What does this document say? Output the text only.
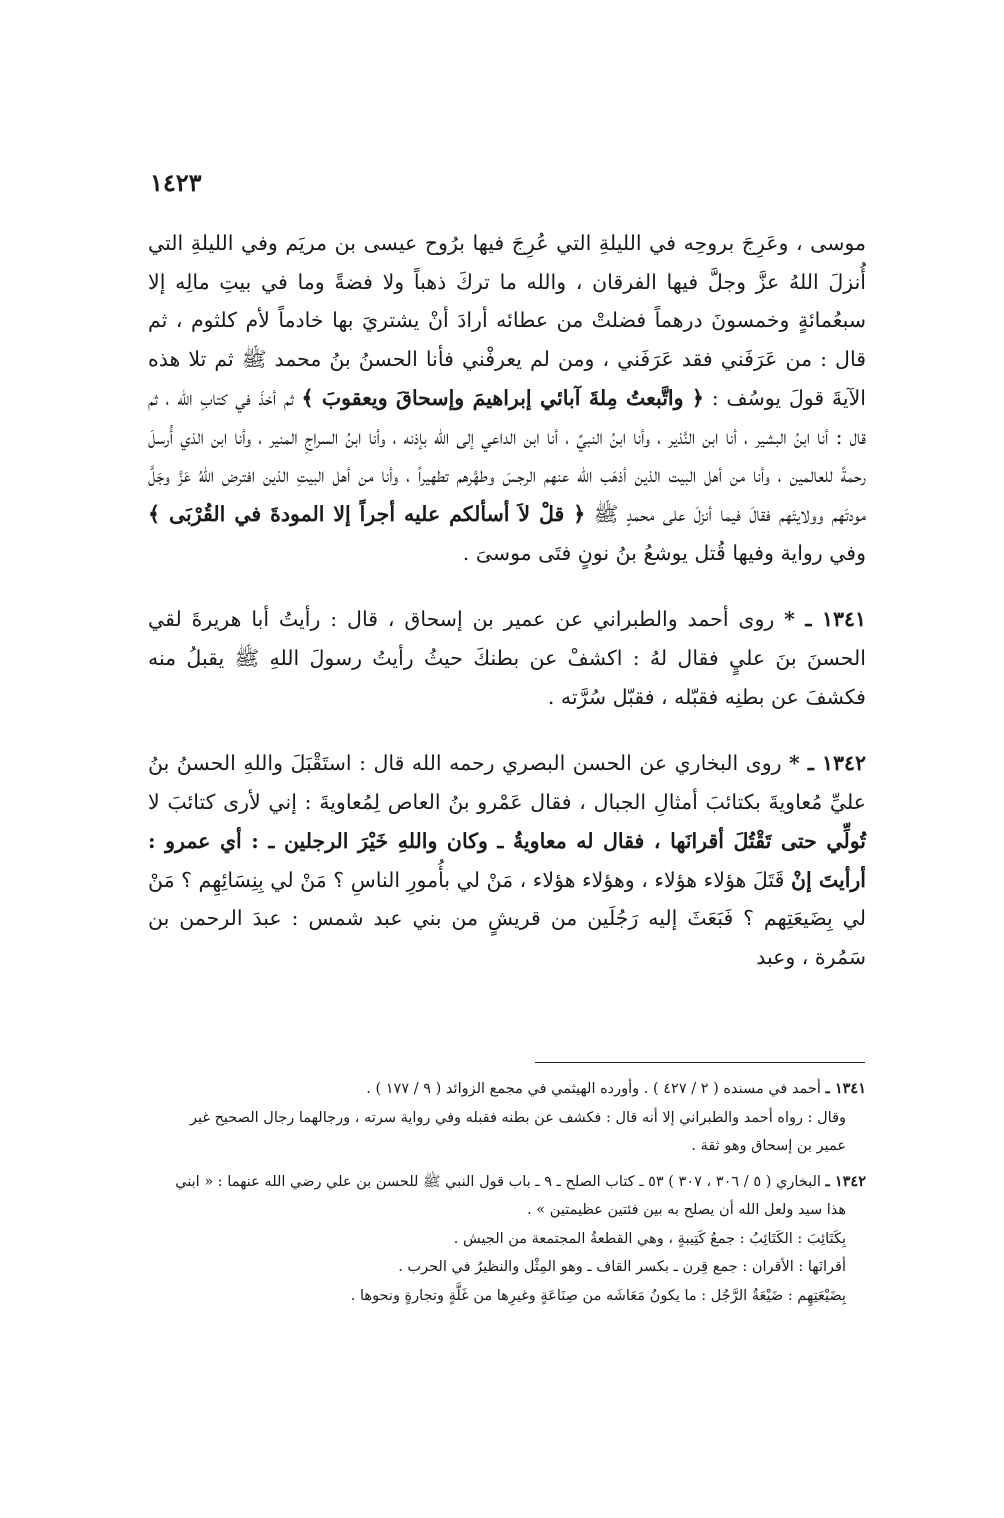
١٤٢٣

موسى ، وعَرِجَ بروحِه في الليلةِ التي عُرِجَ فيها برُوح عيسى بن مريَم وفي الليلةِ التي أُنزلَ اللهُ عزَّ وجلَّ فيها الفرقان ، والله ما تركَ ذهباً ولا فضةً وما في بيتِ مالِه إلا سبعُمائةٍ وخمسونَ درهماً فضلتْ من عطائه أرادَ أنْ يشتريَ بها خادماً لأم كلثوم ، ثم قال : من عَرَفَني فقد عَرَفَني ، ومن لم يعرفْني فأنا الحسنُ بنُ محمد ﷺ ثم تلا هذه الآيةَ قولَ يوسُف : ﴿ واتَّبعتُ مِلةَ آبائي إبراهيمَ وإسحاقَ ويعقوبَ ﴾ ثم أخذَ في كتابِ الله ، ثم قال : أنا ابنُ البشير ، أنا ابن النَّذير ، وأنا ابنُ النبيِّ ، أنا ابن الداعي إلى الله بإذنه ، وأنا ابنُ السراجِ المنير ، وأنا ابن الذي أُرسلَ رحمةً للعالمين ، وأنا من أهل البيت الذين أذهَب الله عنهم الرجسَ وطهَّرهم تطهيراً ، وأنا من أهل البيتِ الذين افترض اللهُ عَزَّ وجَلَّ مودتَهم وولايتَهم فقالَ فيما أنزلَ على محمدٍ ﷺ ﴿ قلْ لاَ أسألكم عليه أجراً إلا المودةَ في القُرْبَى ﴾ وفي رواية وفيها قُتل يوشعُ بنُ نونٍ فتَى موسىَ .

١٣٤١ ـ * روى أحمد والطبراني عن عمير بن إسحاق ، قال : رأيتُ أبا هريرةَ لقي الحسنَ بنَ عليٍ فقال لهُ : اكشفْ عن بطنكَ حيثُ رأيتُ رسولَ اللهِ ﷺ يقبلُ منه فكشفَ عن بطنِه فقبّله ، فقبّل سُرَّته .

١٣٤٢ ـ * روى البخاري عن الحسن البصري رحمه الله قال : استَقْبَلَ واللهِ الحسنُ بنُ عليِّ مُعاويةَ بكتائبَ أمثالِ الجبال ، فقال عَمْرو بنُ العاص لِمُعاويةَ : إني لأرى كتائبَ لا تُولِّي حتى تَقْتُلَ أقرانَها ، فقال له معاويةُ ـ وكان واللهِ خَيْرَ الرجلين ـ : أي عمرو : أرأيتَ إنْ قَتَلَ هؤلاء هؤلاء ، وهؤلاء هؤلاء ، مَنْ لي بأُمورِ الناسِ ؟ مَنْ لي بِنِسَائِهِم ؟ مَنْ لي بِضَيعَتِهم ؟ فَبَعَثَ إليه رَجُلَين من قريشٍ من بني عبد شمس : عبدَ الرحمن بن سَمُرة ، وعبد

١٣٤١ ـ أحمد في مسنده ( ٢ / ٤٢٧ ) . وأورده الهيثمي في مجمع الزوائد ( ٩ / ١٧٧ ) .

وقال : رواه أحمد والطبراني إلا أنه قال : فكشف عن بطنه فقبله وفي رواية سرته ، ورجالهما رجال الصحيح غير

عمير بن إسحاق وهو ثقة .

١٣٤٢ ـ البخاري ( ٥ / ٣٠٦ ، ٣٠٧ ) ٥٣ ـ كتاب الصلح ـ ٩ ـ باب قول النبي ﷺ للحسن بن علي رضي الله عنهما : « ابني

هذا سيد ولعل الله أن يصلح به بين فئتين عظيمتين » .

بِكَتَائِبَ : الكَتَائِبُ : جمعُ كَتِيبةٍ ، وهي القطعةُ المجتمعة من الجيش .

أقرانَها : الأقران : جمع قِرن ـ بكسر القاف ـ وهو المِثْل والنظيرُ في الحرب .

بِضَيْعَتِهِم : ضَيْعَةُ الرَّجُل : ما يكونُ مَعَاشَه من صِنَاعَةٍ وغيرِها من غَلَّةٍ وتجارةٍ ونحوها .
